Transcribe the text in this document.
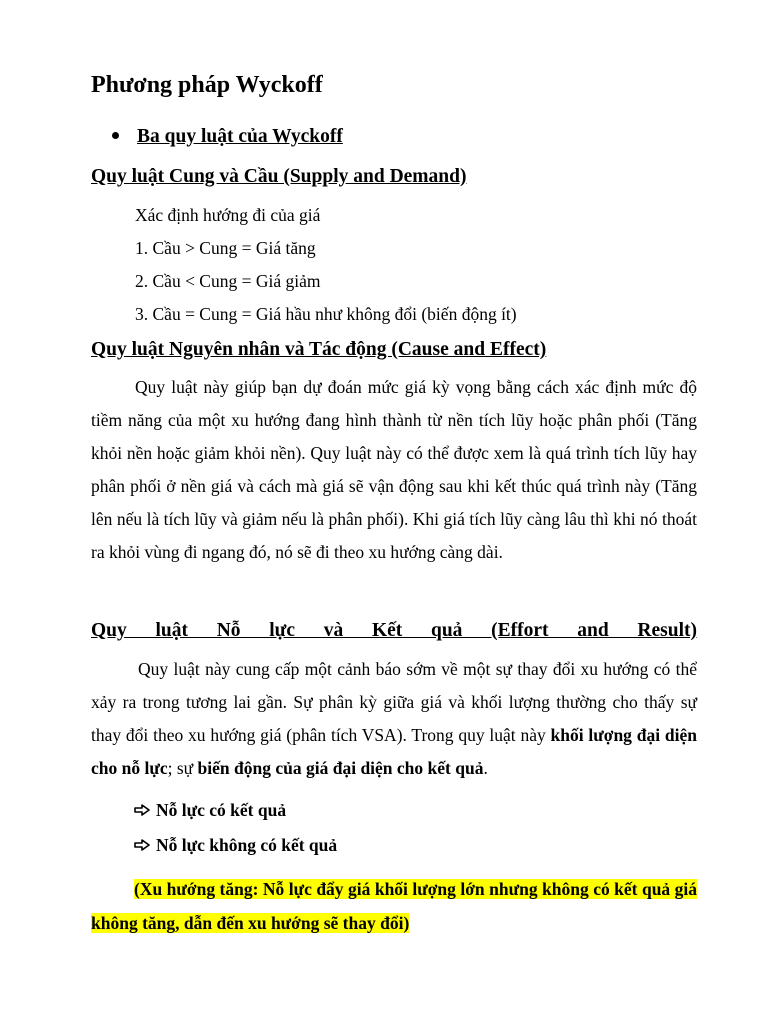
Phương pháp Wyckoff
Ba quy luật của Wyckoff
Quy luật Cung và Cầu (Supply and Demand)
Xác định hướng đi của giá
1. Cầu > Cung = Giá tăng
2. Cầu < Cung = Giá giảm
3. Cầu = Cung = Giá hầu như không đổi (biến động ít)
Quy luật Nguyên nhân và Tác động (Cause and Effect)

Quy luật này giúp bạn dự đoán mức giá kỳ vọng bằng cách xác định mức độ tiềm năng của một xu hướng đang hình thành từ nền tích lũy hoặc phân phối (Tăng khỏi nền hoặc giảm khỏi nền). Quy luật này có thể được xem là quá trình tích lũy hay phân phối ở nền giá và cách mà giá sẽ vận động sau khi kết thúc quá trình này (Tăng lên nếu là tích lũy và giảm nếu là phân phối). Khi giá tích lũy càng lâu thì khi nó thoát ra khỏi vùng đi ngang đó, nó sẽ đi theo xu hướng càng dài.

Quy luật Nỗ lực và Kết quả (Effort and Result)

Quy luật này cung cấp một cảnh báo sớm về một sự thay đổi xu hướng có thể xảy ra trong tương lai gần. Sự phân kỳ giữa giá và khối lượng thường cho thấy sự thay đổi theo xu hướng giá (phân tích VSA). Trong quy luật này khối lượng đại diện cho nỗ lực; sự biến động của giá đại diện cho kết quả.

Nỗ lực có kết quả
Nỗ lực không có kết quả

(Xu hướng tăng: Nỗ lực đẩy giá khối lượng lớn nhưng không có kết quả giá không tăng, dẫn đến xu hướng sẽ thay đổi)
